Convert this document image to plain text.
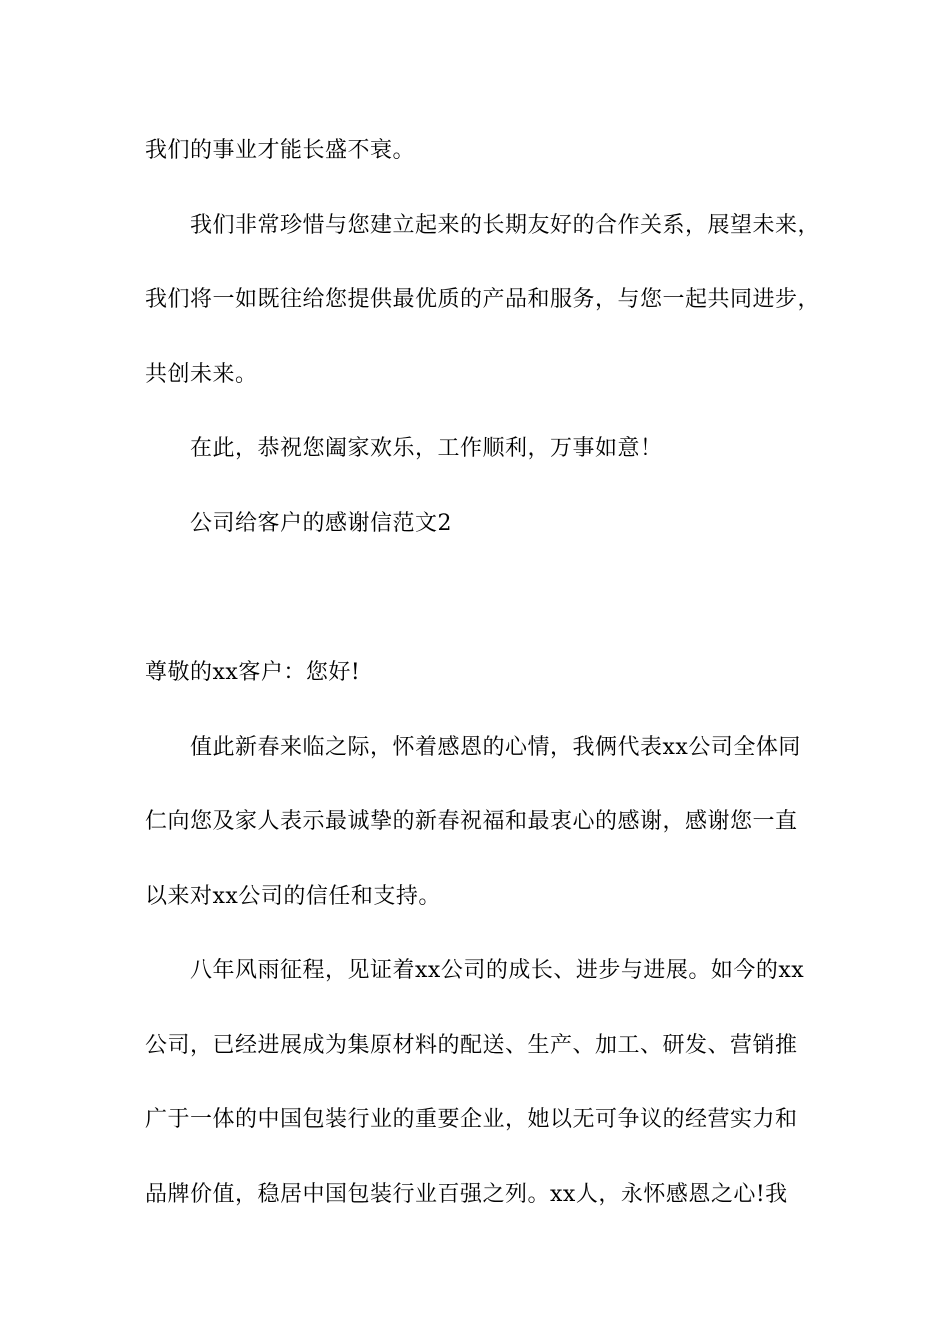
我们的事业才能长盛不衰。
我们非常珍惜与您建立起来的长期友好的合作关系，展望未来，
我们将一如既往给您提供最优质的产品和服务，与您一起共同进步，
共创未来。
在此，恭祝您阖家欢乐，工作顺利，万事如意！
公司给客户的感谢信范文2
尊敬的xx客户：您好!
值此新春来临之际，怀着感恩的心情，我俩代表xx公司全体同
仁向您及家人表示最诚挚的新春祝福和最衷心的感谢，感谢您一直
以来对xx公司的信任和支持。
八年风雨征程，见证着xx公司的成长、进步与进展。如今的xx
公司，已经进展成为集原材料的配送、生产、加工、研发、营销推
广于一体的中国包装行业的重要企业，她以无可争议的经营实力和
品牌价值，稳居中国包装行业百强之列。xx人，永怀感恩之心!我
